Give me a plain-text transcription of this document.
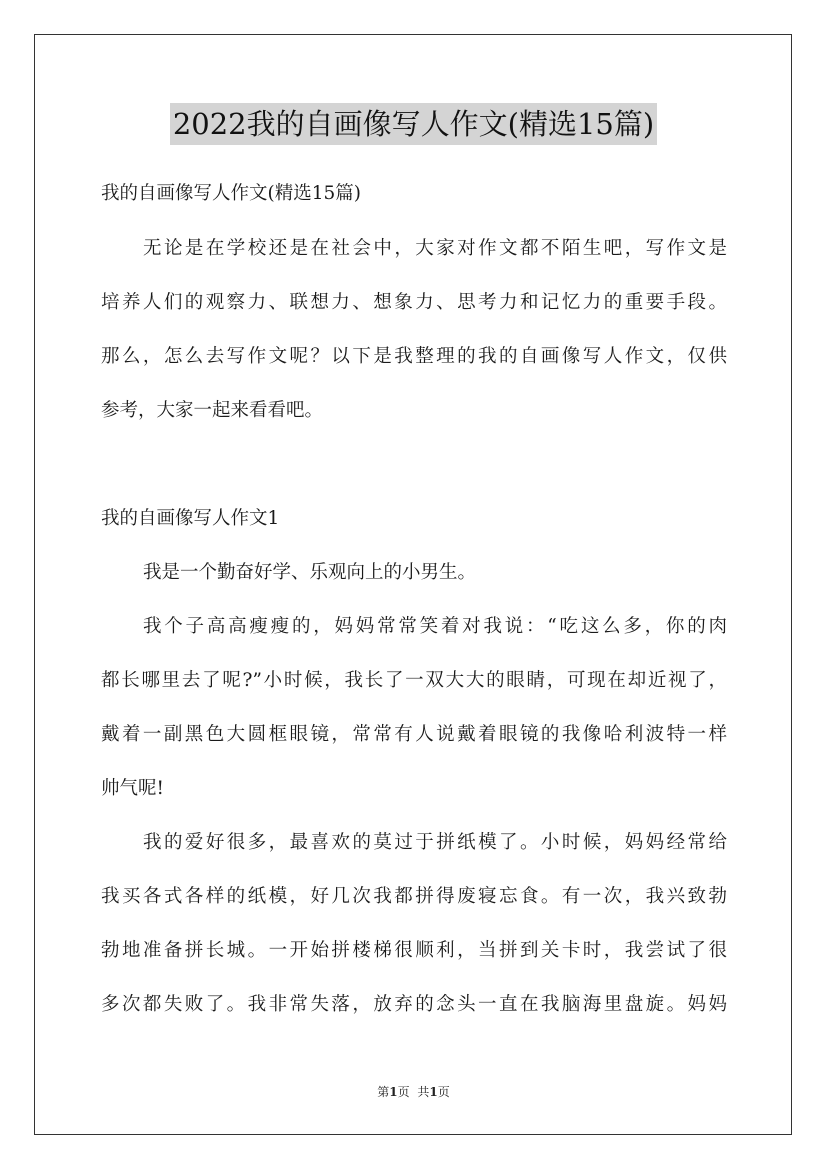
2022我的自画像写人作文(精选15篇)
我的自画像写人作文(精选15篇)
无论是在学校还是在社会中，大家对作文都不陌生吧，写作文是
培养人们的观察力、联想力、想象力、思考力和记忆力的重要手段。
那么，怎么去写作文呢？以下是我整理的我的自画像写人作文，仅供
参考，大家一起来看看吧。
我的自画像写人作文1
我是一个勤奋好学、乐观向上的小男生。
我个子高高瘦瘦的，妈妈常常笑着对我说：“吃这么多，你的肉
都长哪里去了呢?”小时候，我长了一双大大的眼睛，可现在却近视了，
戴着一副黑色大圆框眼镜，常常有人说戴着眼镜的我像哈利波特一样
帅气呢!
我的爱好很多，最喜欢的莫过于拼纸模了。小时候，妈妈经常给
我买各式各样的纸模，好几次我都拼得废寝忘食。有一次，我兴致勃
勃地准备拼长城。一开始拼楼梯很顺利，当拼到关卡时，我尝试了很
多次都失败了。我非常失落，放弃的念头一直在我脑海里盘旋。妈妈
第1页 共1页
